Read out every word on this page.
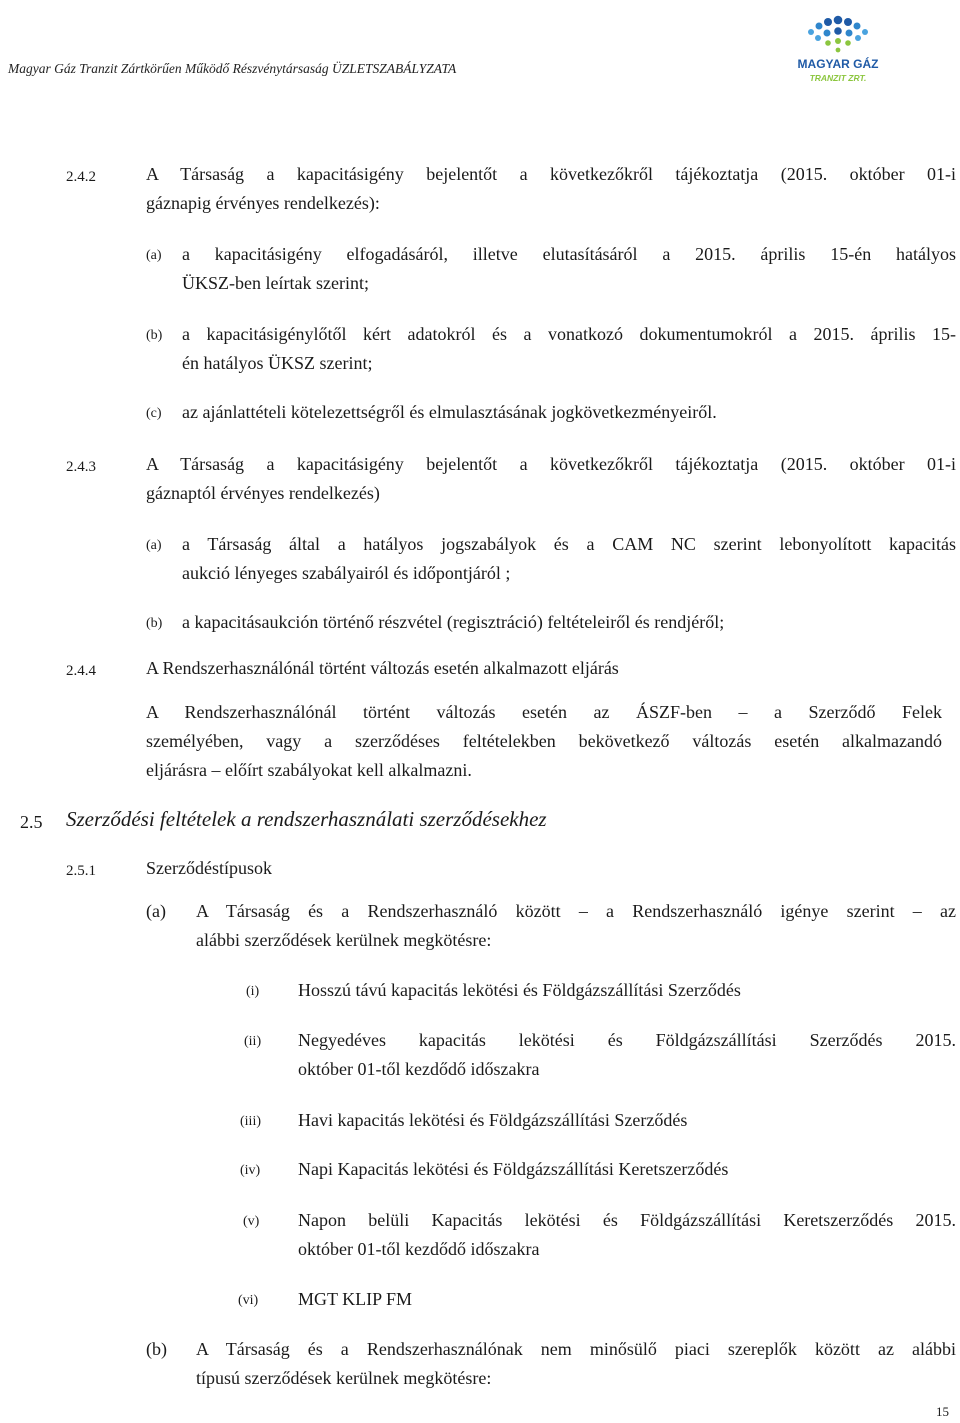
Magyar Gáz Tranzit Zártkörűen Működő Részvénytársaság ÜZLETSZABÁLYZATA	MAGYAR GÁZ
TRANZIT ZRT.
2.4.2	A Társaság a kapacitásigény bejelentőt a következőkről tájékoztatja (2015. október 01-i
gáznapig érvényes rendelkezés):
(a) a kapacitásigény elfogadásáról, illetve elutasításáról a 2015. április 15-én hatályos
ÜKSZ-ben leírtak szerint;
(b) a kapacitásigénylőtől kért adatokról és a vonatkozó dokumentumokról a 2015. április 15-
én hatályos ÜKSZ szerint;
(c) az ajánlattételi kötelezettségről és elmulasztásának jogkövetkezményeiről.
2.4.3	A Társaság a kapacitásigény bejelentőt a következőkről tájékoztatja (2015. október 01-i
gáznaptól érvényes rendelkezés)
(a) a Társaság által a hatályos jogszabályok és a CAM NC szerint lebonyolított kapacitás
aukció lényeges szabályairól és időpontjáról ;
(b) a kapacitásaukción történő részvétel (regisztráció) feltételeiről és rendjéről;
2.4.4	A Rendszerhasználónál történt változás esetén alkalmazott eljárás
A Rendszerhasználónál történt változás esetén az ÁSZF-ben – a Szerződő Felek
személyében, vagy a szerződéses feltételekben bekövetkező változás esetén alkalmazandó
eljárásra – előírt szabályokat kell alkalmazni.
2.5 Szerződési feltételek a rendszerhasználati szerződésekhez
2.5.1	Szerződéstípusok
(a) A Társaság és a Rendszerhasználó között – a Rendszerhasználó igénye szerint – az
alábbi szerződések kerülnek megkötésre:
(i) Hosszú távú kapacitás lekötési és Földgázszállítási Szerződés
(ii) Negyedéves kapacitás lekötési és Földgázszállítási Szerződés 2015.
október 01-től kezdődő időszakra
(iii) Havi kapacitás lekötési és Földgázszállítási Szerződés
(iv) Napi Kapacitás lekötési és Földgázszállítási Keretszerződés
(v) Napon belüli Kapacitás lekötési és Földgázszállítási Keretszerződés 2015.
október 01-től kezdődő időszakra
(vi) MGT KLIP FM
(b) A Társaság és a Rendszerhasználónak nem minősülő piaci szereplők között az alábbi
típusú szerződések kerülnek megkötésre:
15
